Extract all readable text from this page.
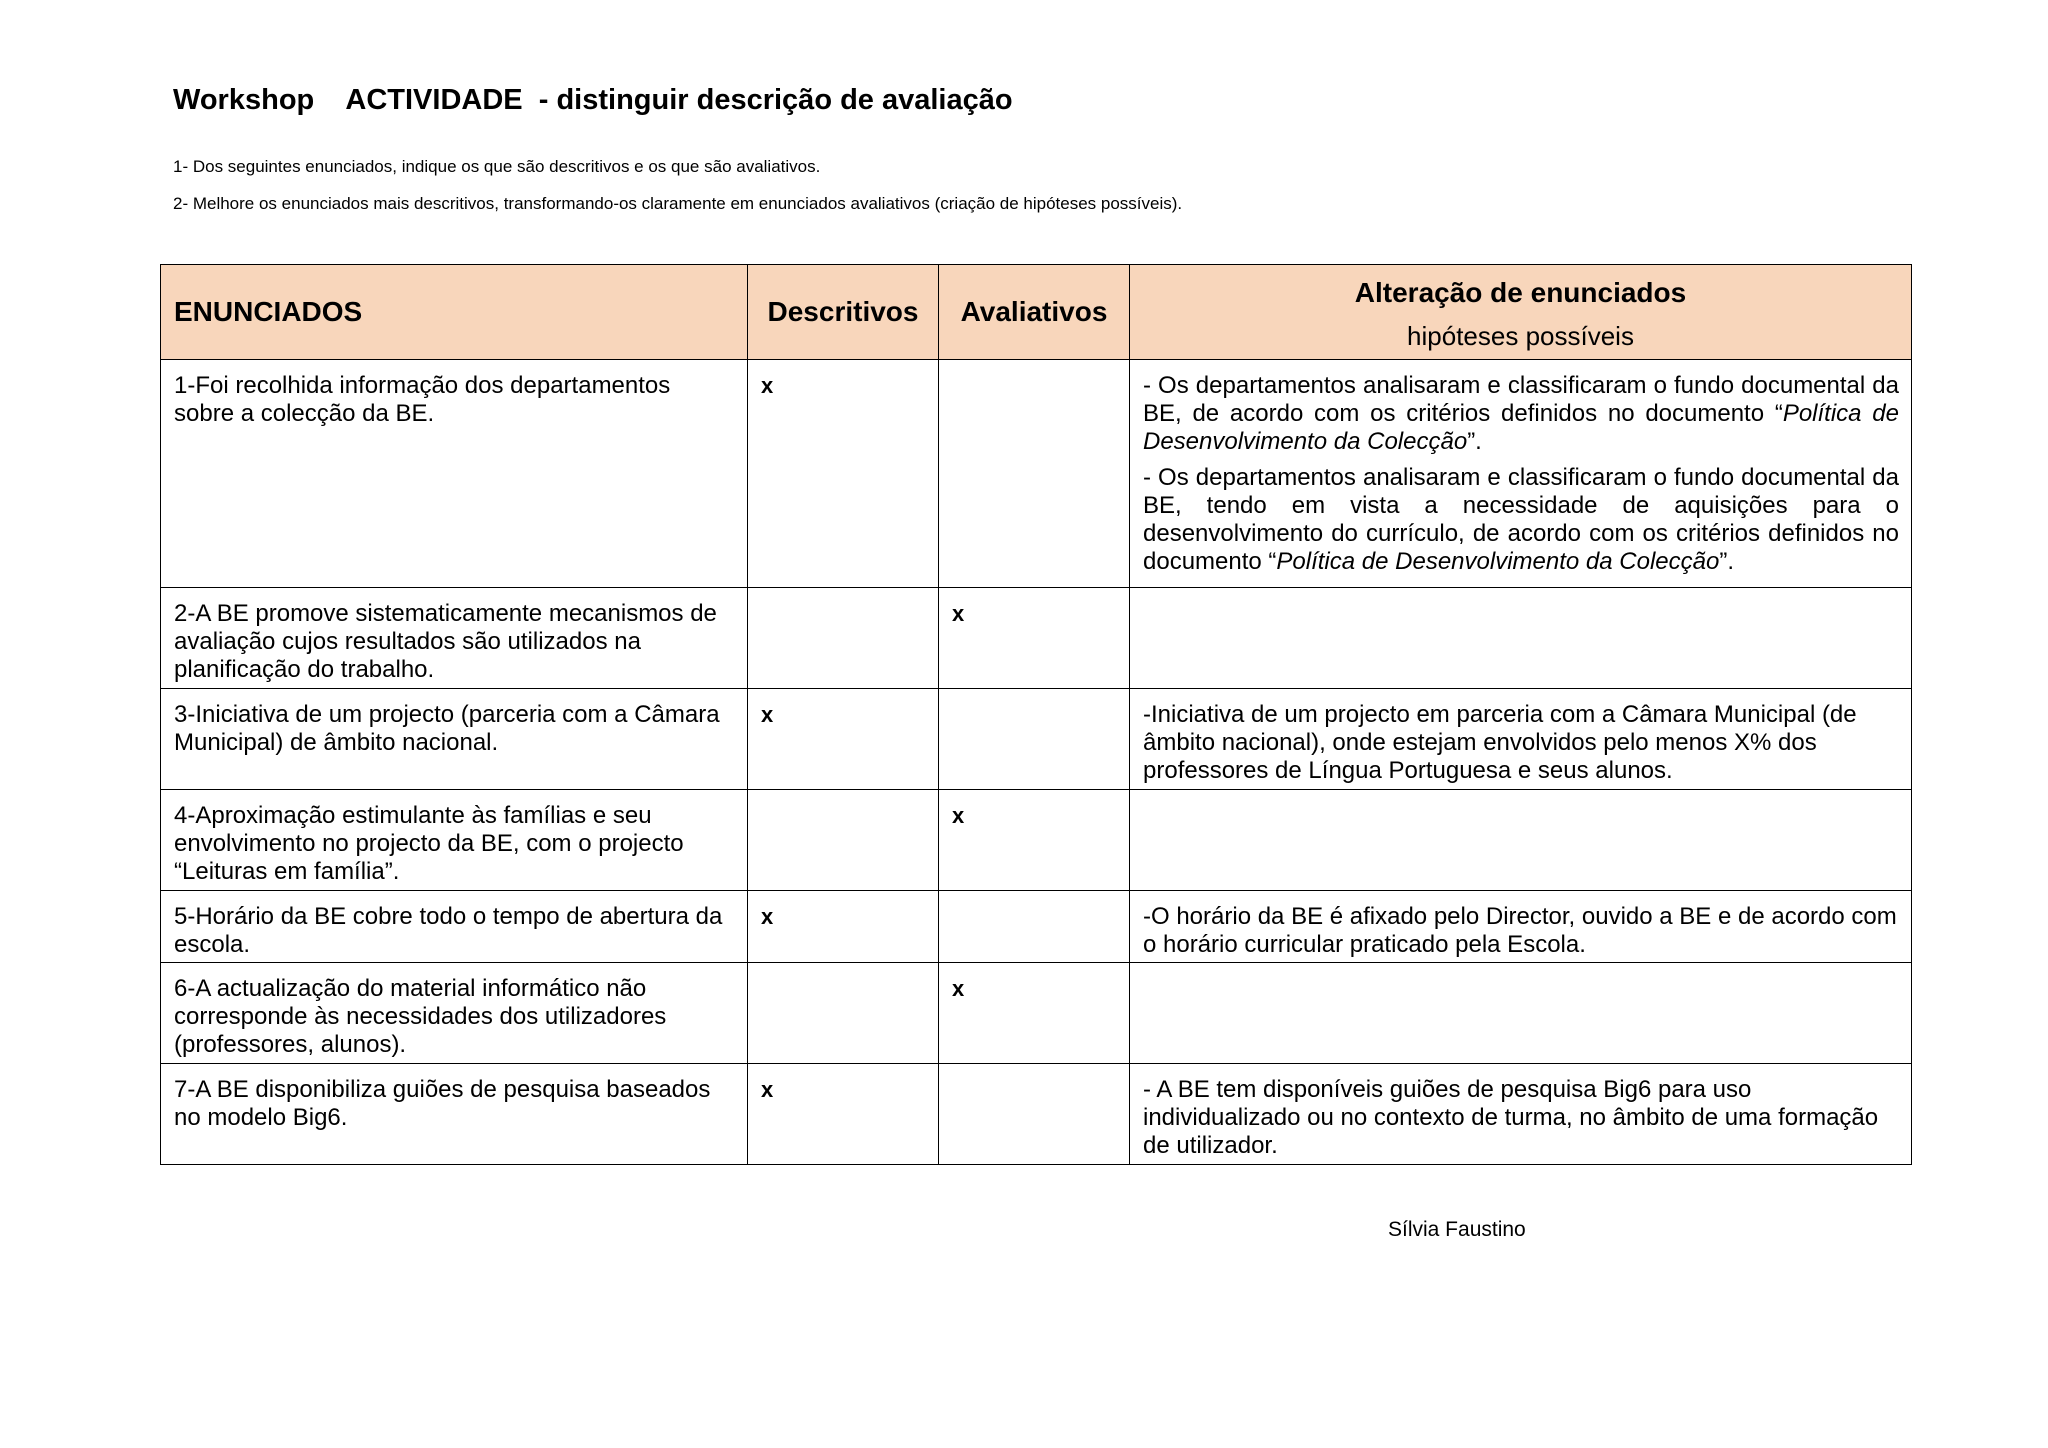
Workshop    ACTIVIDADE  - distinguir descrição de avaliação
1- Dos seguintes enunciados, indique os que são descritivos e os que são avaliativos.
2- Melhore os enunciados mais descritivos, transformando-os claramente em enunciados avaliativos (criação de hipóteses possíveis).
ENUNCIADOS	Descritivos	Avaliativos	Alteração de enunciados
hipóteses possíveis

1-Foi recolhida informação dos departamentos sobre a colecção da BE.	x		- Os departamentos analisaram e classificaram o fundo documental da BE, de acordo com os critérios definidos no documento “Política de Desenvolvimento da Colecção”.

- Os departamentos analisaram e classificaram o fundo documental da BE, tendo em vista a necessidade de aquisições para o desenvolvimento do currículo, de acordo com os critérios definidos no documento “Política de Desenvolvimento da Colecção”.

2-A BE promove sistematicamente mecanismos de avaliação cujos resultados são utilizados na planificação do trabalho.		x	
3-Iniciativa de um projecto (parceria com a Câmara Municipal) de âmbito nacional.	x		-Iniciativa de um projecto em parceria com a Câmara Municipal (de âmbito nacional), onde estejam envolvidos pelo menos X% dos professores de Língua Portuguesa e seus alunos.
4-Aproximação estimulante às famílias e seu envolvimento no projecto da BE, com o projecto “Leituras em família”.		x	
5-Horário da BE cobre todo o tempo de abertura da escola.	x		-O horário da BE é afixado pelo Director, ouvido a BE e de acordo com o horário curricular praticado pela Escola.
6-A actualização do material informático não corresponde às necessidades dos utilizadores (professores, alunos).		x	
7-A BE disponibiliza guiões de pesquisa baseados no modelo Big6.	x		- A BE tem disponíveis guiões de pesquisa Big6 para uso individualizado ou no contexto de turma, no âmbito de uma formação de utilizador.
Sílvia Faustino
